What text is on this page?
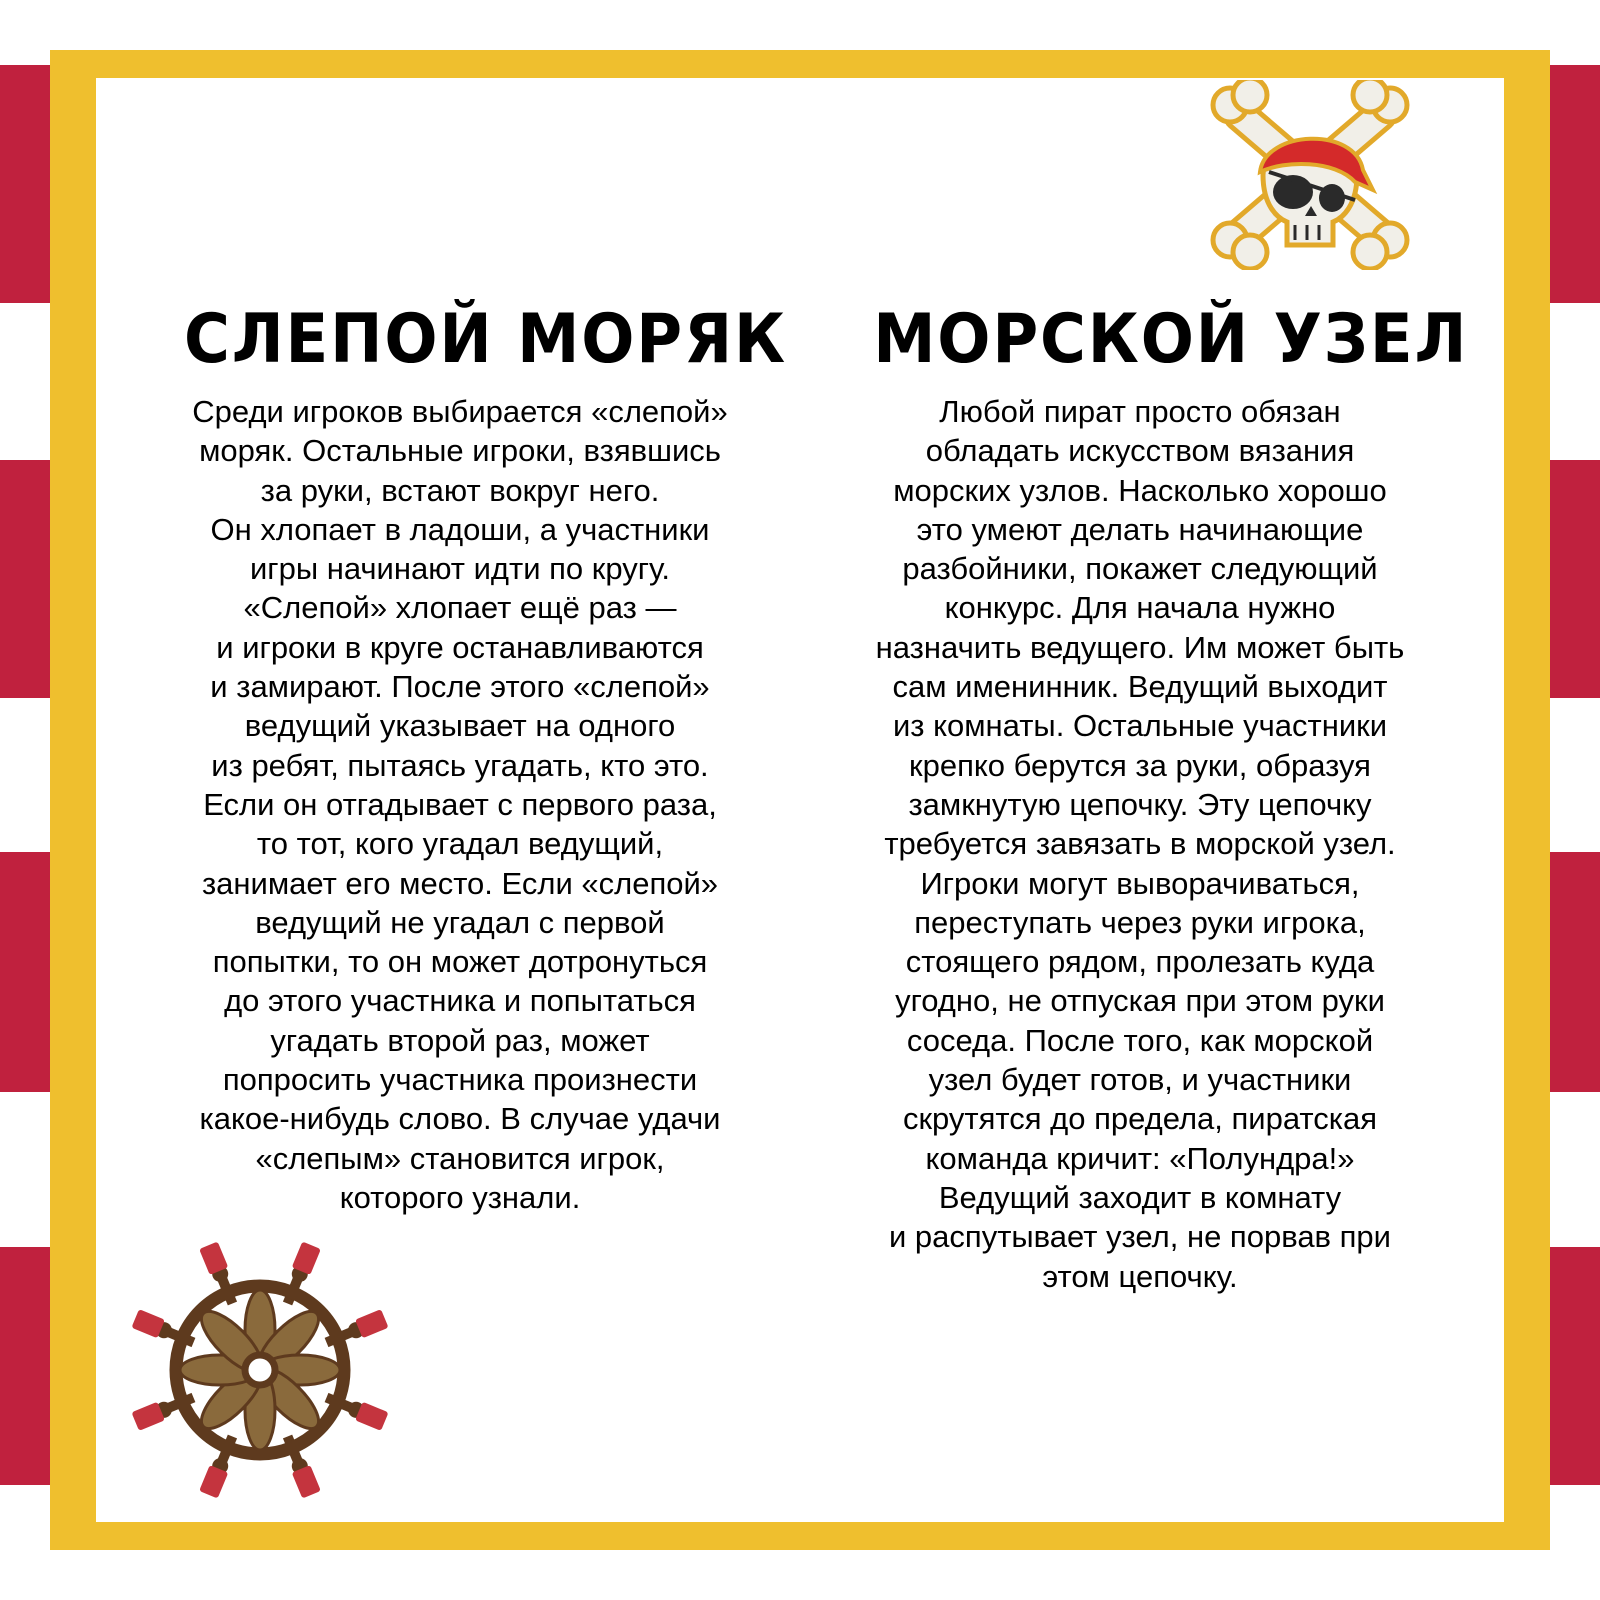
СЛЕПОЙ МОРЯК МОРСКОЙ УЗЕЛ

Среди игроков выбирается «слепой»
моряк. Остальные игроки, взявшись
за руки, встают вокруг него.
Он хлопает в ладоши, а участники
игры начинают идти по кругу.
«Слепой» хлопает ещё раз —
и игроки в круге останавливаются
и замирают. После этого «слепой»
ведущий указывает на одного
из ребят, пытаясь угадать, кто это.
Если он отгадывает с первого раза,
то тот, кого угадал ведущий,
занимает его место. Если «слепой»
ведущий не угадал с первой
попытки, то он может дотронуться
до этого участника и попытаться
угадать второй раз, может
попросить участника произнести
какое-нибудь слово. В случае удачи
«слепым» становится игрок,
которого узнали.

Любой пират просто обязан
обладать искусством вязания
морских узлов. Насколько хорошо
это умеют делать начинающие
разбойники, покажет следующий
конкурс. Для начала нужно
назначить ведущего. Им может быть
сам именинник. Ведущий выходит
из комнаты. Остальные участники
крепко берутся за руки, образуя
замкнутую цепочку. Эту цепочку
требуется завязать в морской узел.
Игроки могут выворачиваться,
переступать через руки игрока,
стоящего рядом, пролезать куда
угодно, не отпуская при этом руки
соседа. После того, как морской
узел будет готов, и участники
скрутятся до предела, пиратская
команда кричит: «Полундра!»
Ведущий заходит в комнату
и распутывает узел, не порвав при
этом цепочку.
